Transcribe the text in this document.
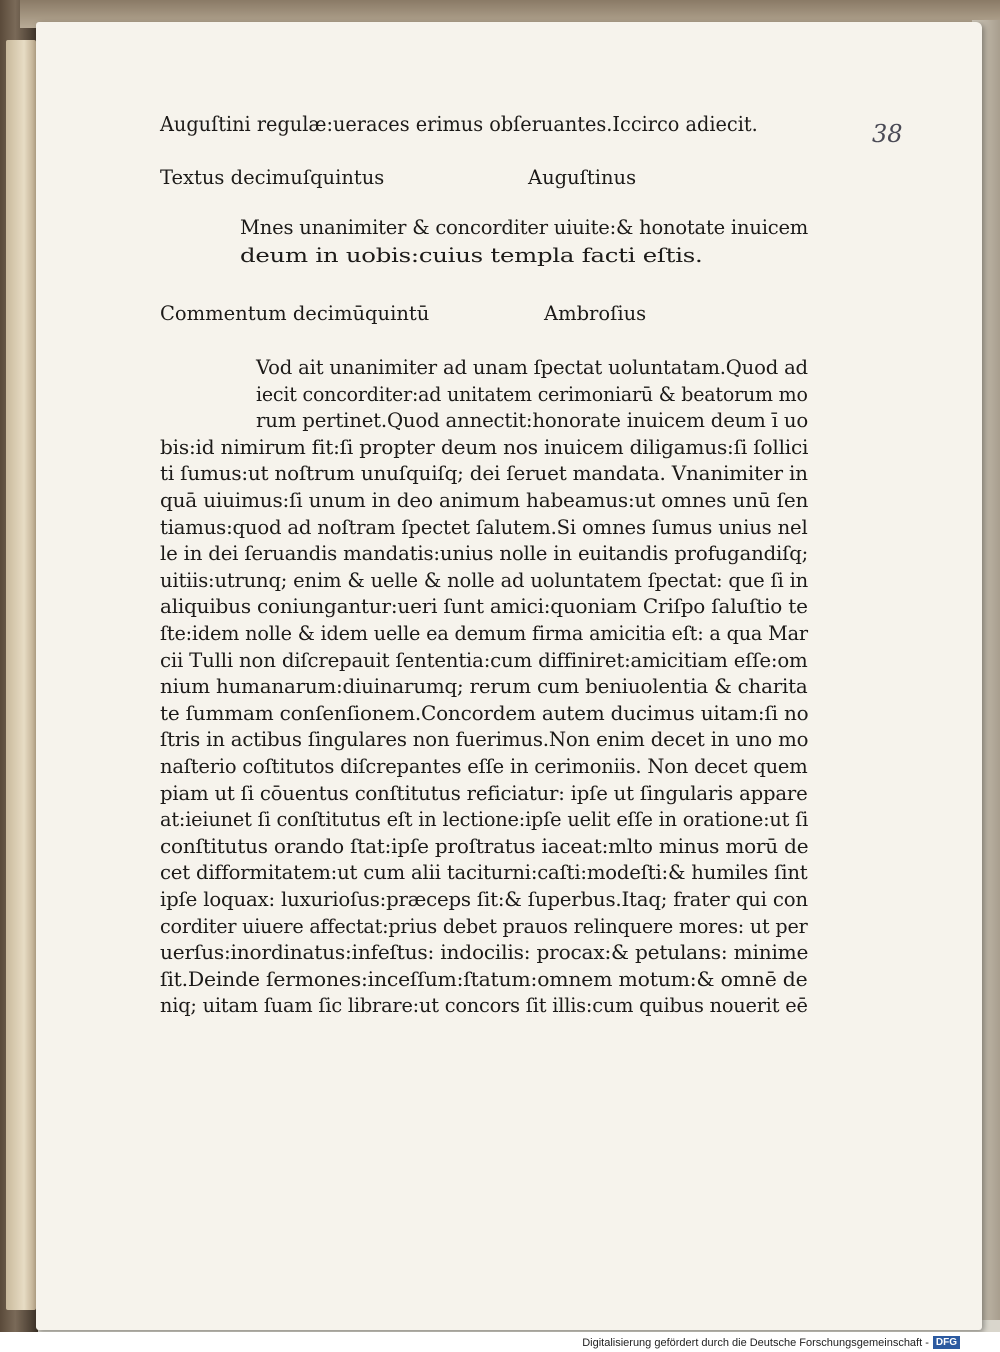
38
Auguſtini regulæ:ueraces erimus obſeruantes.Iccirco adiecit.
Textus decimuſquintus	Auguſtinus
Commentum decimūquintū	Ambroſius
Mnes unanimiter & concorditer uiuite:& honotate inuicem
deum in uobis:cuius templa facti eſtis.
Vod ait unanimiter ad unam ſpectat uoluntatam.Quod ad
iecit concorditer:ad unitatem cerimoniarū & beatorum mo
rum pertinet.Quod annectit:honorate inuicem deum ī uo
bis:id nimirum fit:ſi propter deum nos inuicem diligamus:ſi ſollici
ti ſumus:ut noſtrum unuſquiſq; dei ſeruet mandata. Vnanimiter in
quā uiuimus:ſi unum in deo animum habeamus:ut omnes unū ſen
tiamus:quod ad noſtram ſpectet ſalutem.Si omnes ſumus unius nel
le in dei ſeruandis mandatis:unius nolle in euitandis profugandiſq;
uitiis:utrunq; enim & uelle & nolle ad uoluntatem ſpectat: que ſi in
aliquibus coniungantur:ueri ſunt amici:quoniam Criſpo ſaluſtio te
ſte:idem nolle & idem uelle ea demum firma amicitia eſt: a qua Mar
cii Tulli non diſcrepauit ſententia:cum diffiniret:amicitiam eſſe:om
nium humanarum:diuinarumq; rerum cum beniuolentia & charita
te ſummam conſenſionem.Concordem autem ducimus uitam:ſi no
ſtris in actibus ſingulares non fuerimus.Non enim decet in uno mo
naſterio coſtitutos diſcrepantes eſſe in cerimoniis. Non decet quem
piam ut ſi cōuentus conſtitutus reficiatur: ipſe ut ſingularis appare
at:ieiunet ſi conſtitutus eſt in lectione:ipſe uelit eſſe in oratione:ut ſi
conſtitutus orando ſtat:ipſe proſtratus iaceat:mlto minus morū de
cet difformitatem:ut cum alii taciturni:caſti:modeſti:& humiles ſint
ipſe loquax: luxurioſus:præceps ſit:& ſuperbus.Itaq; frater qui con
corditer uiuere affectat:prius debet prauos relinquere mores: ut per
uerſus:inordinatus:infeſtus: indocilis: procax:& petulans: minime
ſit.Deinde ſermones:inceſſum:ſtatum:omnem motum:& omnē de
niq; uitam ſuam ſic librare:ut concors ſit illis:cum quibus nouerit eē
Digitalisierung gefördert durch die Deutsche Forschungsgemeinschaft - DFG
